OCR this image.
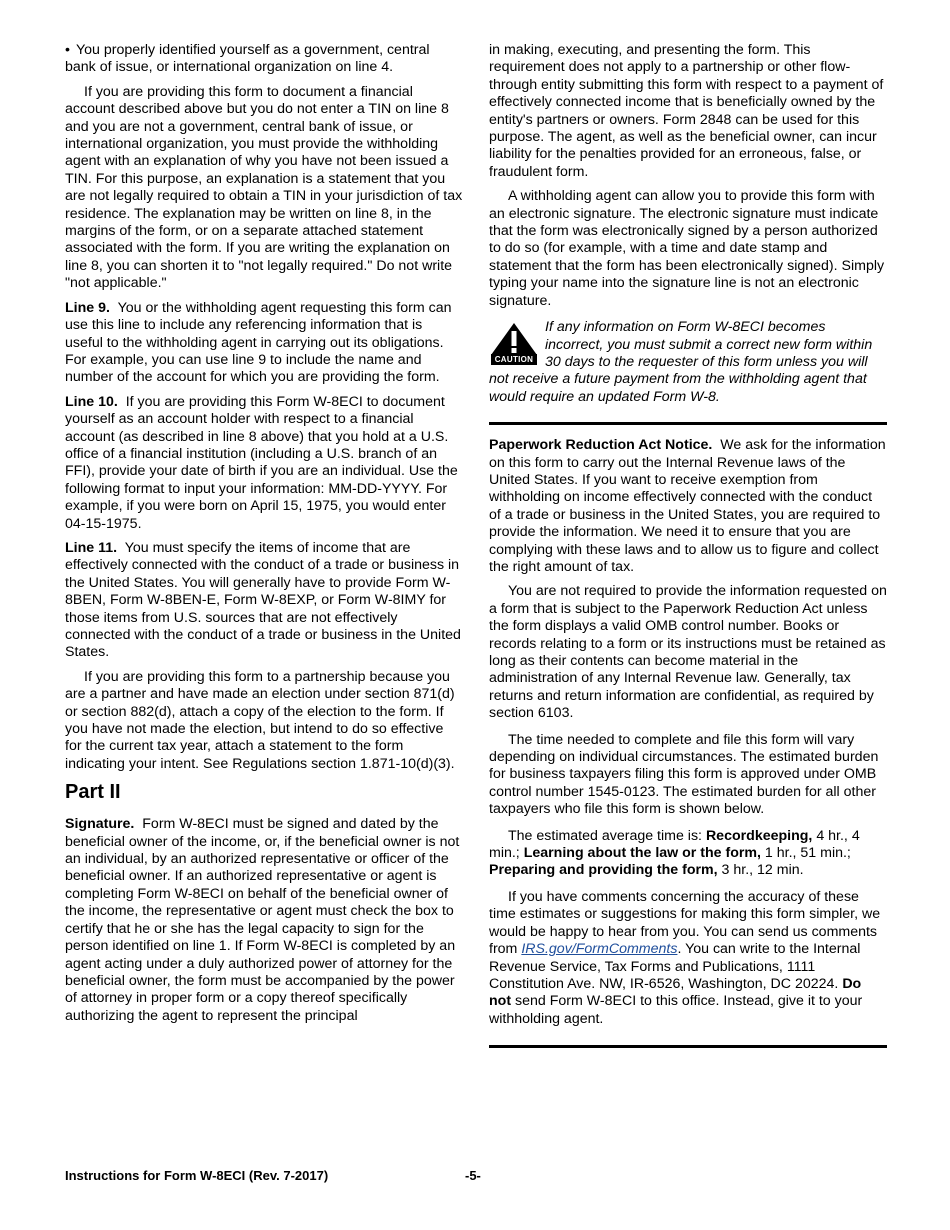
• You properly identified yourself as a government, central bank of issue, or international organization on line 4.

If you are providing this form to document a financial account described above but you do not enter a TIN on line 8 and you are not a government, central bank of issue, or international organization, you must provide the withholding agent with an explanation of why you have not been issued a TIN. For this purpose, an explanation is a statement that you are not legally required to obtain a TIN in your jurisdiction of tax residence. The explanation may be written on line 8, in the margins of the form, or on a separate attached statement associated with the form. If you are writing the explanation on line 8, you can shorten it to "not legally required." Do not write "not applicable."

Line 9. You or the withholding agent requesting this form can use this line to include any referencing information that is useful to the withholding agent in carrying out its obligations. For example, you can use line 9 to include the name and number of the account for which you are providing the form.

Line 10. If you are providing this Form W-8ECI to document yourself as an account holder with respect to a financial account (as described in line 8 above) that you hold at a U.S. office of a financial institution (including a U.S. branch of an FFI), provide your date of birth if you are an individual. Use the following format to input your information: MM-DD-YYYY. For example, if you were born on April 15, 1975, you would enter 04-15-1975.

Line 11. You must specify the items of income that are effectively connected with the conduct of a trade or business in the United States. You will generally have to provide Form W-8BEN, Form W-8BEN-E, Form W-8EXP, or Form W-8IMY for those items from U.S. sources that are not effectively connected with the conduct of a trade or business in the United States.

If you are providing this form to a partnership because you are a partner and have made an election under section 871(d) or section 882(d), attach a copy of the election to the form. If you have not made the election, but intend to do so effective for the current tax year, attach a statement to the form indicating your intent. See Regulations section 1.871-10(d)(3).

Part II

Signature. Form W-8ECI must be signed and dated by the beneficial owner of the income, or, if the beneficial owner is not an individual, by an authorized representative or officer of the beneficial owner. If an authorized representative or agent is completing Form W-8ECI on behalf of the beneficial owner of the income, the representative or agent must check the box to certify that he or she has the legal capacity to sign for the person identified on line 1. If Form W-8ECI is completed by an agent acting under a duly authorized power of attorney for the beneficial owner, the form must be accompanied by the power of attorney in proper form or a copy thereof specifically authorizing the agent to represent the principal

in making, executing, and presenting the form. This requirement does not apply to a partnership or other flow-through entity submitting this form with respect to a payment of effectively connected income that is beneficially owned by the entity's partners or owners. Form 2848 can be used for this purpose. The agent, as well as the beneficial owner, can incur liability for the penalties provided for an erroneous, false, or fraudulent form.

A withholding agent can allow you to provide this form with an electronic signature. The electronic signature must indicate that the form was electronically signed by a person authorized to do so (for example, with a time and date stamp and statement that the form has been electronically signed). Simply typing your name into the signature line is not an electronic signature.

CAUTION
If any information on Form W-8ECI becomes incorrect, you must submit a correct new form within 30 days to the requester of this form unless you will not receive a future payment from the withholding agent that would require an updated Form W-8.

Paperwork Reduction Act Notice. We ask for the information on this form to carry out the Internal Revenue laws of the United States. If you want to receive exemption from withholding on income effectively connected with the conduct of a trade or business in the United States, you are required to provide the information. We need it to ensure that you are complying with these laws and to allow us to figure and collect the right amount of tax.

You are not required to provide the information requested on a form that is subject to the Paperwork Reduction Act unless the form displays a valid OMB control number. Books or records relating to a form or its instructions must be retained as long as their contents can become material in the administration of any Internal Revenue law. Generally, tax returns and return information are confidential, as required by section 6103.

The time needed to complete and file this form will vary depending on individual circumstances. The estimated burden for business taxpayers filing this form is approved under OMB control number 1545-0123. The estimated burden for all other taxpayers who file this form is shown below.

The estimated average time is: Recordkeeping, 4 hr., 4 min.; Learning about the law or the form, 1 hr., 51 min.; Preparing and providing the form, 3 hr., 12 min.

If you have comments concerning the accuracy of these time estimates or suggestions for making this form simpler, we would be happy to hear from you. You can send us comments from IRS.gov/FormComments. You can write to the Internal Revenue Service, Tax Forms and Publications, 1111 Constitution Ave. NW, IR-6526, Washington, DC 20224. Do not send Form W-8ECI to this office. Instead, give it to your withholding agent.

Instructions for Form W-8ECI (Rev. 7-2017)	-5-
